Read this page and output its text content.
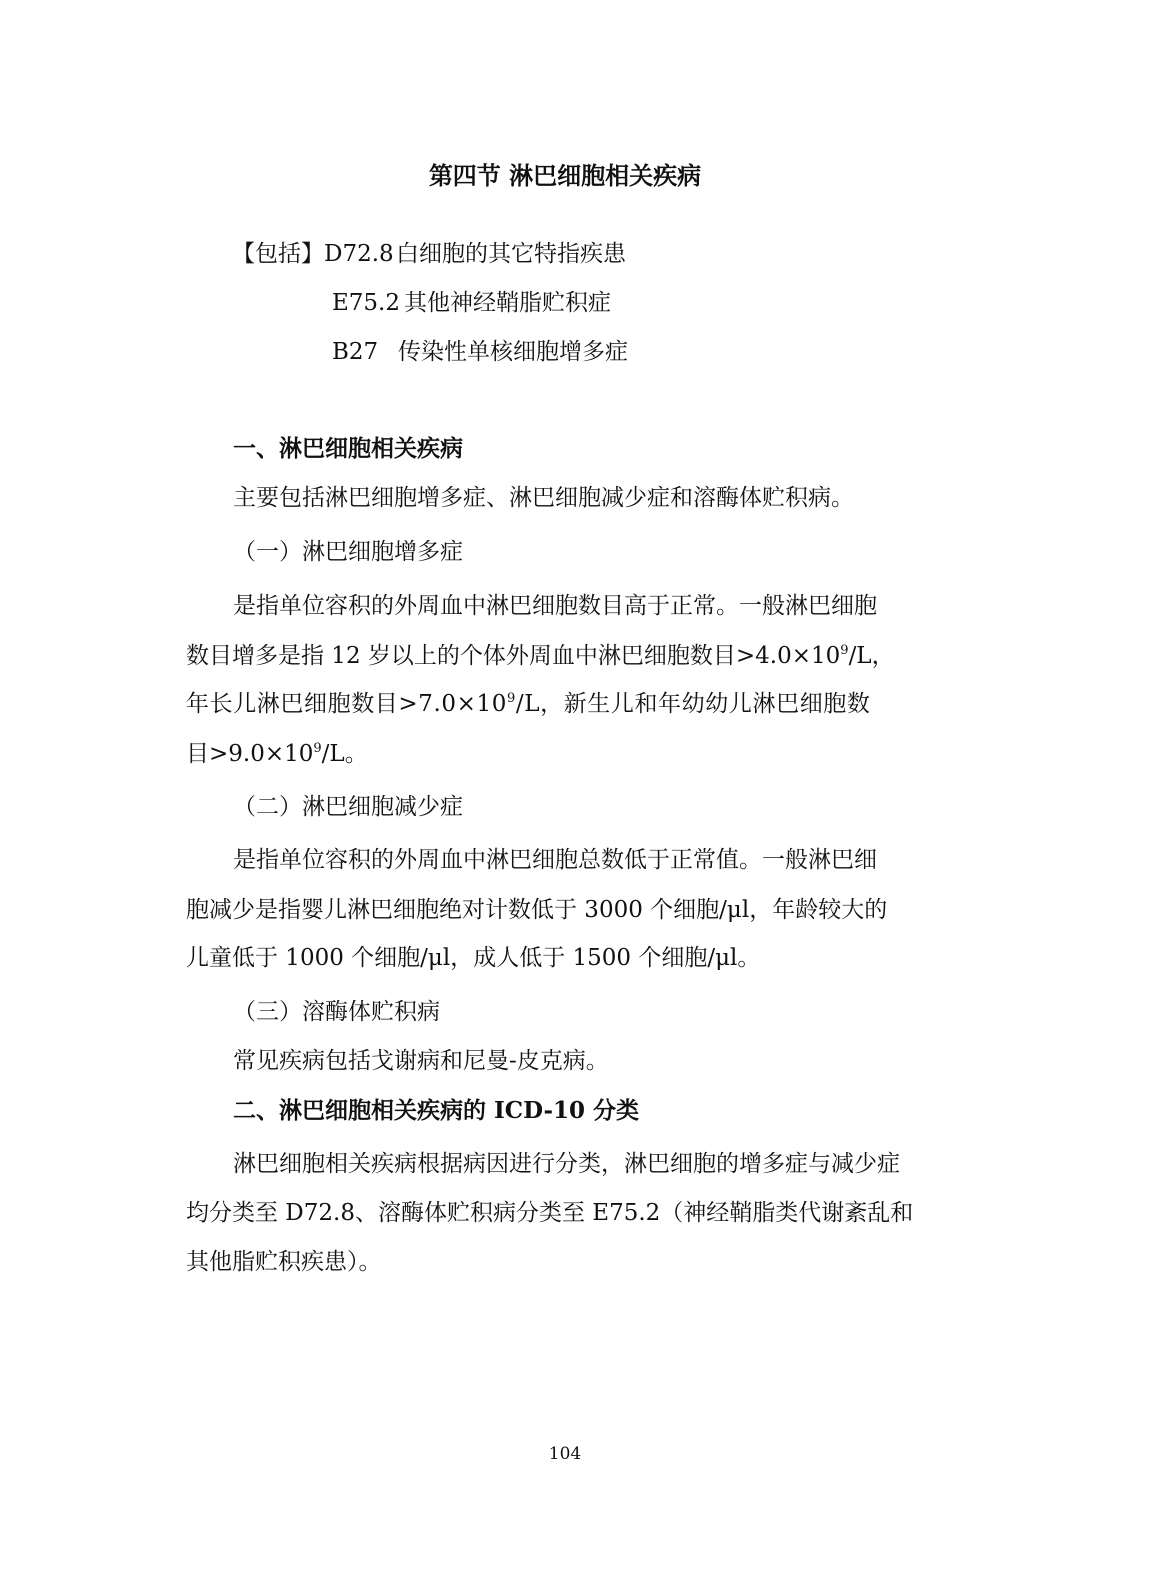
第四节 淋巴细胞相关疾病
【包括】D72.8 白细胞的其它特指疾患
E75.2 其他神经鞘脂贮积症
B27 传染性单核细胞增多症
一、淋巴细胞相关疾病
主要包括淋巴细胞增多症、淋巴细胞减少症和溶酶体贮积病。
（一）淋巴细胞增多症
是指单位容积的外周血中淋巴细胞数目高于正常。一般淋巴细胞
数目增多是指 12 岁以上的个体外周血中淋巴细胞数目$>4.0\times 10^9/L$，
年长儿淋巴细胞数目$>7.0\times 10^9/L$，新生儿和年幼幼儿淋巴细胞数
目$>9.0\times 10^9/L$。
（二）淋巴细胞减少症
是指单位容积的外周血中淋巴细胞总数低于正常值。一般淋巴细
胞减少是指婴儿淋巴细胞绝对计数低于 3000 个细胞/μl，年龄较大的
儿童低于 1000 个细胞/μl，成人低于 1500 个细胞/μl。
（三）溶酶体贮积病
常见疾病包括戈谢病和尼曼-皮克病。
二、淋巴细胞相关疾病的 ICD-10 分类
淋巴细胞相关疾病根据病因进行分类，淋巴细胞的增多症与减少症
均分类至 D72.8、溶酶体贮积病分类至 E75.2（神经鞘脂类代谢紊乱和
其他脂贮积疾患）。
104
